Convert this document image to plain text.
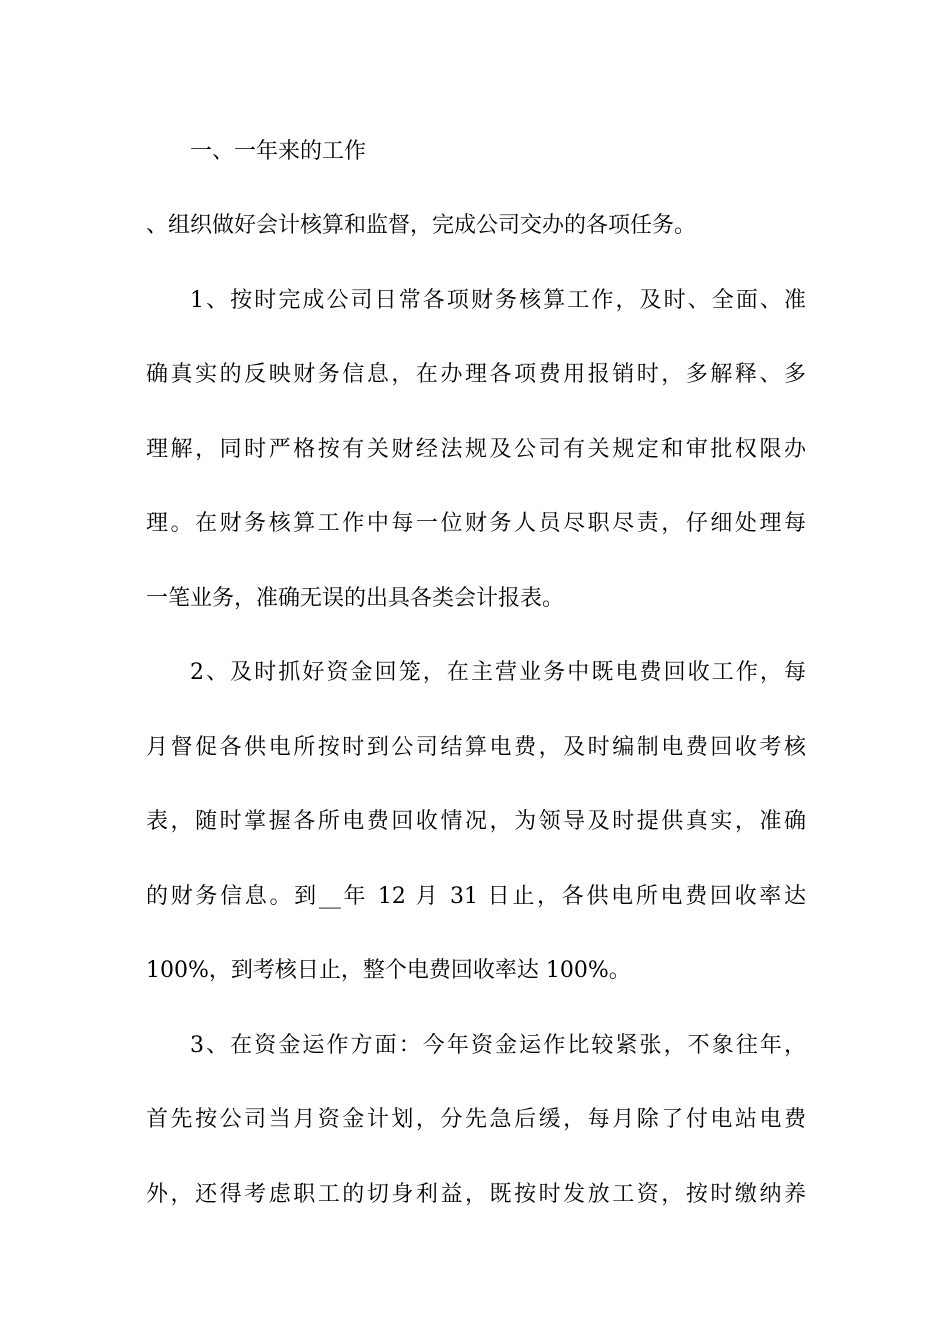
一、一年来的工作
、组织做好会计核算和监督，完成公司交办的各项任务。
1、按时完成公司日常各项财务核算工作，及时、全面、准
确真实的反映财务信息，在办理各项费用报销时，多解释、多
理解，同时严格按有关财经法规及公司有关规定和审批权限办
理。在财务核算工作中每一位财务人员尽职尽责，仔细处理每
一笔业务，准确无误的出具各类会计报表。
2、及时抓好资金回笼，在主营业务中既电费回收工作，每
月督促各供电所按时到公司结算电费，及时编制电费回收考核
表，随时掌握各所电费回收情况，为领导及时提供真实，准确
的财务信息。到__年 12 月 31 日止，各供电所电费回收率达
100%，到考核日止，整个电费回收率达 100%。
3、在资金运作方面：今年资金运作比较紧张，不象往年，
首先按公司当月资金计划，分先急后缓，每月除了付电站电费
外，还得考虑职工的切身利益，既按时发放工资，按时缴纳养
